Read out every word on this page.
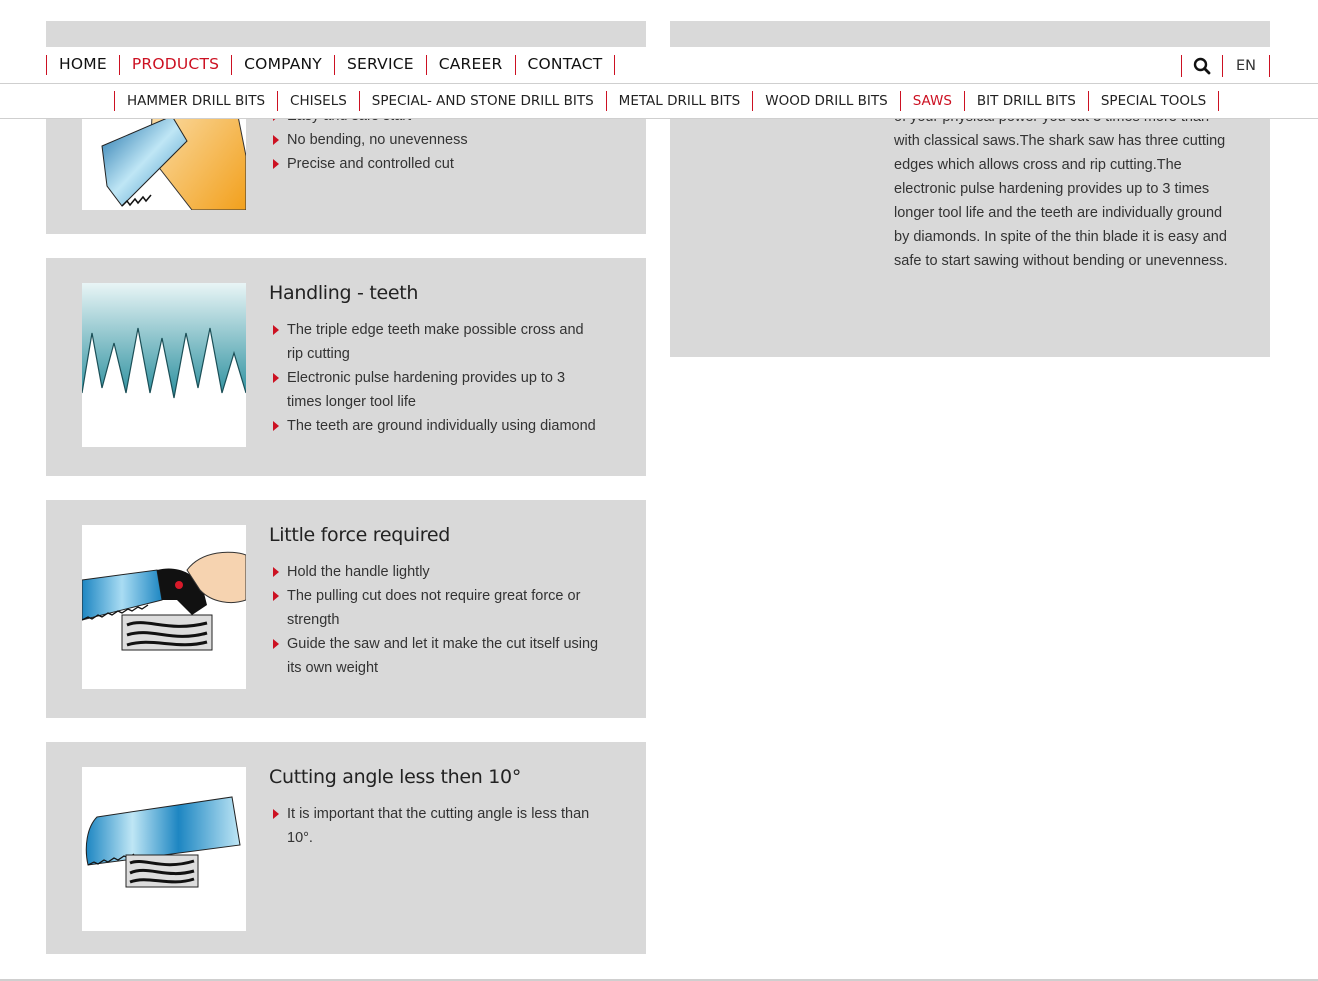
with classical saws.The shark saw has three cutting edges which allows cross and rip cutting.The electronic pulse hardening provides up to 3 times longer tool life and the teeth are individually ground by diamonds. In spite of the thin blade it is easy and safe to start sawing without bending or unevenness.

No bending, no unevenness
Precise and controlled cut
Handling - teeth
The triple edge teeth make possible cross and rip cutting
Electronic pulse hardening provides up to 3 times longer tool life
The teeth are ground individually using diamond
Little force required
Hold the handle lightly
The pulling cut does not require great force or strength
Guide the saw and let it make the cut itself using its own weight
Cutting angle less then 10°
It is important that the cutting angle is less than 10°.
HOME	PRODUCTS	COMPANY	SERVICE	CAREER	CONTACT	EN
HAMMER DRILL BITS	CHISELS	SPECIAL- AND STONE DRILL BITS	METAL DRILL BITS	WOOD DRILL BITS	SAWS	BIT DRILL BITS	SPECIAL TOOLS
